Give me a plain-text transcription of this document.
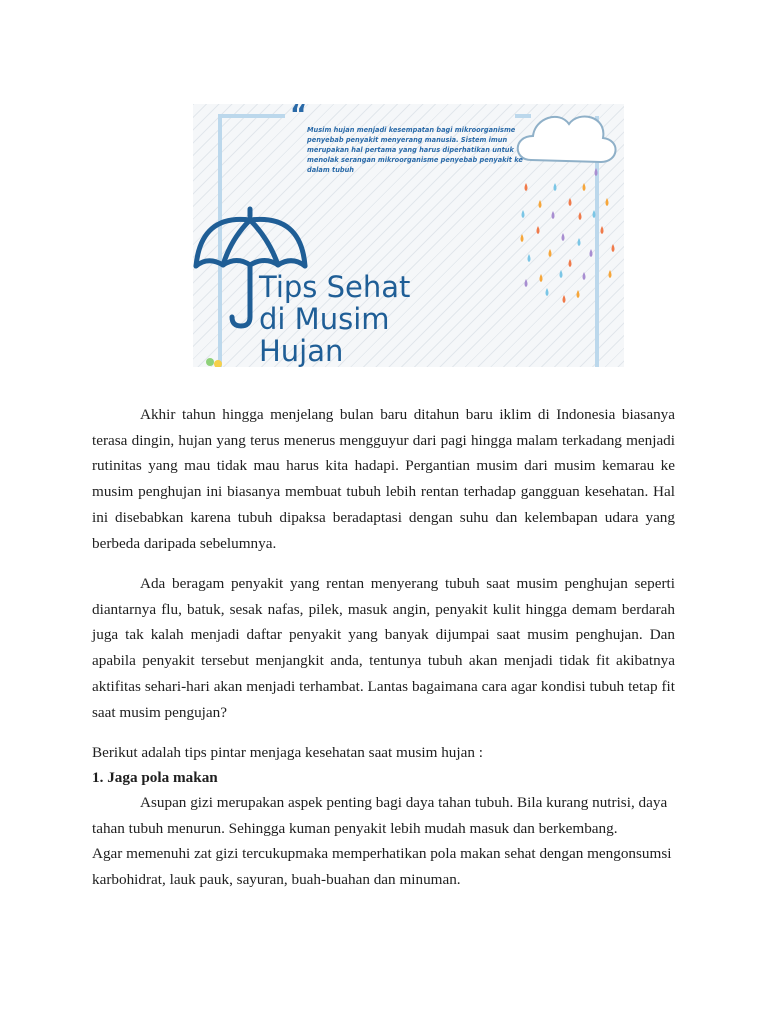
“ Musim hujan menjadi kesempatan bagi mikroorganisme penyebab penyakit menyerang manusia. Sistem imun merupakan hal pertama yang harus diperhatikan untuk menolak serangan mikroorganisme penyebab penyakit ke dalam tubuh

Tips Sehat
di Musim
Hujan

Akhir tahun hingga menjelang bulan baru ditahun baru iklim di Indonesia biasanya terasa dingin, hujan yang terus menerus mengguyur dari pagi hingga malam terkadang menjadi rutinitas yang mau tidak mau harus kita hadapi. Pergantian musim dari musim kemarau ke musim penghujan ini biasanya membuat tubuh lebih rentan terhadap gangguan kesehatan. Hal ini disebabkan karena tubuh dipaksa beradaptasi dengan suhu dan kelembapan udara yang berbeda daripada sebelumnya.

Ada beragam penyakit yang rentan menyerang tubuh saat musim penghujan seperti diantarnya flu, batuk, sesak nafas, pilek, masuk angin, penyakit kulit hingga demam berdarah juga tak kalah menjadi daftar penyakit yang banyak dijumpai saat musim penghujan. Dan apabila penyakit tersebut menjangkit anda, tentunya tubuh akan menjadi tidak fit akibatnya aktifitas sehari-hari akan menjadi terhambat. Lantas bagaimana cara agar kondisi tubuh tetap fit saat musim pengujan?

Berikut adalah tips pintar menjaga kesehatan saat musim hujan :

1. Jaga pola makan

Asupan gizi merupakan aspek penting bagi daya tahan tubuh. Bila kurang nutrisi, daya tahan tubuh menurun. Sehingga kuman penyakit lebih mudah masuk dan berkembang.

Agar memenuhi zat gizi tercukupmaka memperhatikan pola makan sehat dengan mengonsumsi karbohidrat, lauk pauk, sayuran, buah-buahan dan minuman.
